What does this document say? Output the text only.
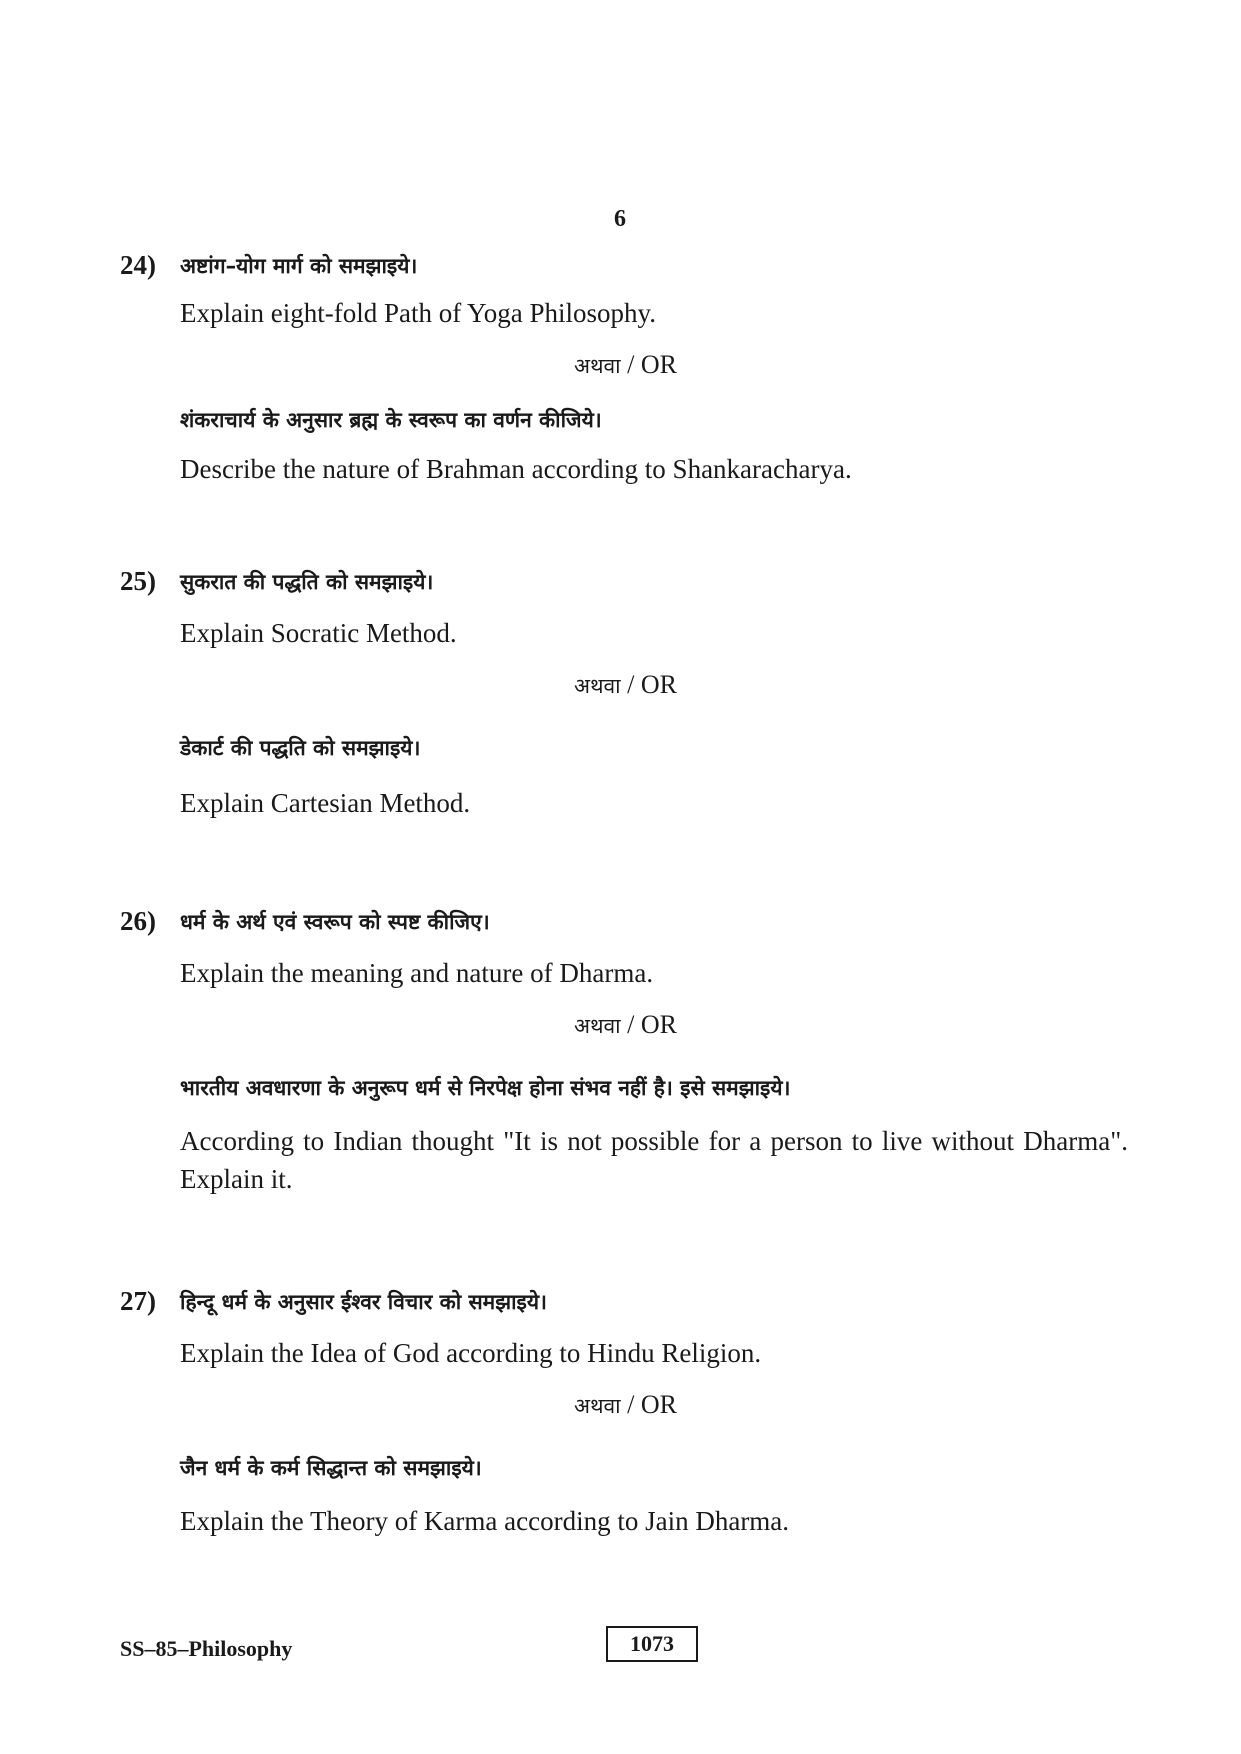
6
24) अष्टांग–योग मार्ग को समझाइये।
Explain eight-fold Path of Yoga Philosophy.
अथवा / OR
शंकराचार्य के अनुसार ब्रह्म के स्वरूप का वर्णन कीजिये।
Describe the nature of Brahman according to Shankaracharya.
25) सुकरात की पद्धति को समझाइये।
Explain Socratic Method.
अथवा / OR
डेकार्ट की पद्धति को समझाइये।
Explain Cartesian Method.
26) धर्म के अर्थ एवं स्वरूप को स्पष्ट कीजिए।
Explain the meaning and nature of Dharma.
अथवा / OR
भारतीय अवधारणा के अनुरूप धर्म से निरपेक्ष होना संभव नहीं है। इसे समझाइये।
According to Indian thought "It is not possible for a person to live without Dharma". Explain it.
27) हिन्दू धर्म के अनुसार ईश्वर विचार को समझाइये।
Explain the Idea of God according to Hindu Religion.
अथवा / OR
जैन धर्म के कर्म सिद्धान्त को समझाइये।
Explain the Theory of Karma according to Jain Dharma.
SS–85–Philosophy	1073
